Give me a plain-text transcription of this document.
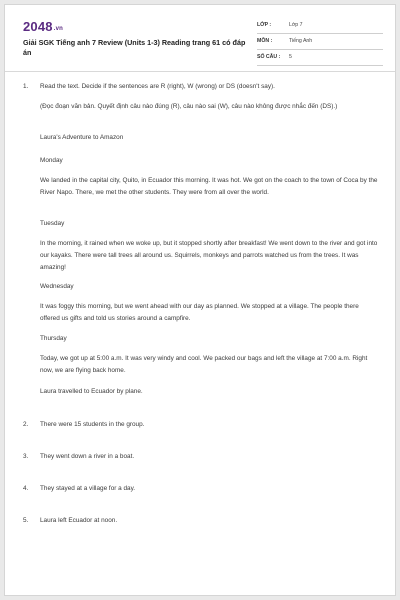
2048.vn
Giải SGK Tiếng anh 7 Review (Units 1-3) Reading trang 61 có đáp án
LỚP :	Lớp 7
MÔN :	Tiếng Anh
SỐ CÂU : 5
1. Read the text. Decide if the sentences are R (right), W (wrong) or DS (doesn't say).
(Đọc đoạn văn bản. Quyết định câu nào đúng (R), câu nào sai (W), câu nào không được nhắc đến (DS).)
Laura's Adventure to Amazon
Monday
We landed in the capital city, Quito, in Ecuador this morning. It was hot. We got on the coach to the town of Coca by the River Napo. There, we met the other students. They were from all over the world.
Tuesday
In the morning, it rained when we woke up, but it stopped shortly after breakfast! We went down to the river and got into our kayaks. There were tall trees all around us. Squirrels, monkeys and parrots watched us from the trees. It was amazing!
Wednesday
It was foggy this morning, but we went ahead with our day as planned. We stopped at a village. The people there offered us gifts and told us stories around a campfire.
Thursday
Today, we got up at 5:00 a.m. It was very windy and cool. We packed our bags and left the village at 7:00 a.m. Right now, we are flying back home.
Laura travelled to Ecuador by plane.
2. There were 15 students in the group.
3. They went down a river in a boat.
4. They stayed at a village for a day.
5. Laura left Ecuador at noon.
